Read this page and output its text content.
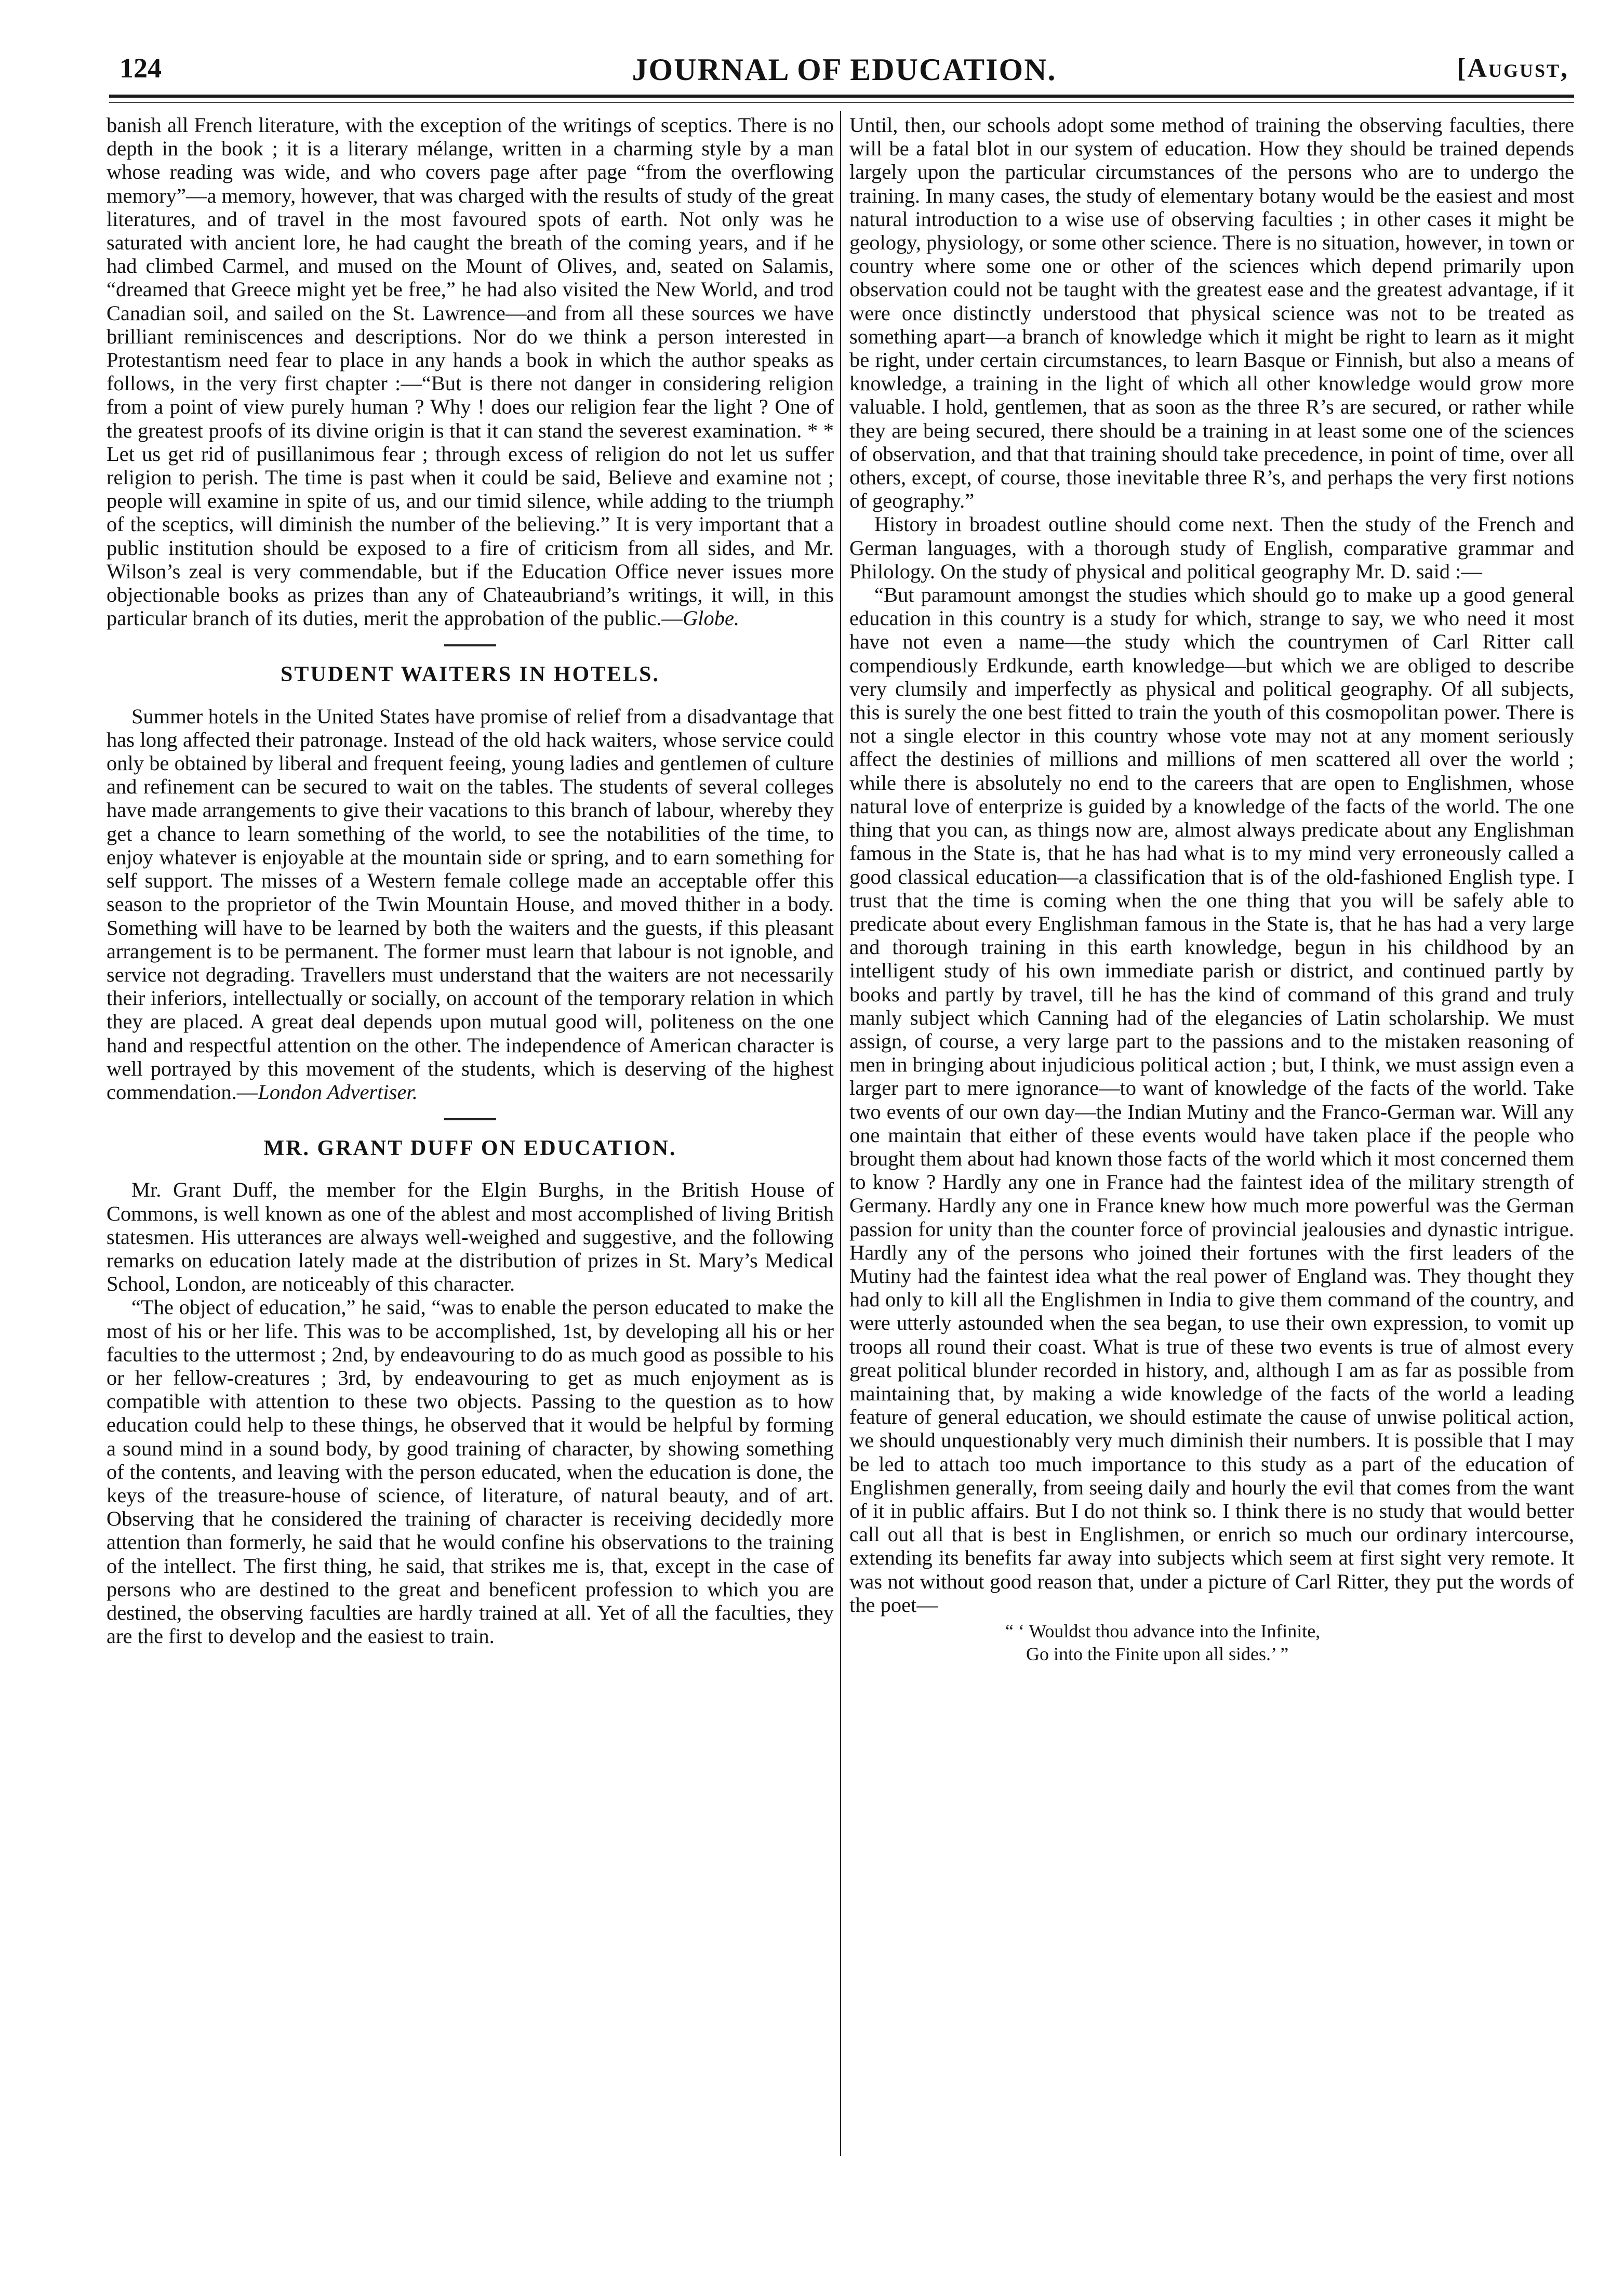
124	JOURNAL OF EDUCATION.	[August,

banish all French literature, with the exception of the writings of sceptics. There is no depth in the book ; it is a literary mélange, written in a charming style by a man whose reading was wide, and who covers page after page “from the overflowing memory”—a memory, however, that was charged with the results of study of the great literatures, and of travel in the most favoured spots of earth. Not only was he saturated with ancient lore, he had caught the breath of the coming years, and if he had climbed Carmel, and mused on the Mount of Olives, and, seated on Salamis, “dreamed that Greece might yet be free,” he had also visited the New World, and trod Canadian soil, and sailed on the St. Lawrence—and from all these sources we have brilliant reminiscences and descriptions. Nor do we think a person interested in Protestantism need fear to place in any hands a book in which the author speaks as follows, in the very first chapter :—“But is there not danger in considering religion from a point of view purely human ? Why ! does our religion fear the light ? One of the greatest proofs of its divine origin is that it can stand the severest examination. * * Let us get rid of pusillanimous fear ; through excess of religion do not let us suffer religion to perish. The time is past when it could be said, Believe and examine not ; people will examine in spite of us, and our timid silence, while adding to the triumph of the sceptics, will diminish the number of the believing.” It is very important that a public institution should be exposed to a fire of criticism from all sides, and Mr. Wilson’s zeal is very commendable, but if the Education Office never issues more objectionable books as prizes than any of Chateaubriand’s writings, it will, in this particular branch of its duties, merit the approbation of the public.—Globe.

STUDENT WAITERS IN HOTELS.

Summer hotels in the United States have promise of relief from a disadvantage that has long affected their patronage. Instead of the old hack waiters, whose service could only be obtained by liberal and frequent feeing, young ladies and gentlemen of culture and refinement can be secured to wait on the tables. The students of several colleges have made arrangements to give their vacations to this branch of labour, whereby they get a chance to learn something of the world, to see the notabilities of the time, to enjoy whatever is enjoyable at the mountain side or spring, and to earn something for self support. The misses of a Western female college made an acceptable offer this season to the proprietor of the Twin Mountain House, and moved thither in a body. Something will have to be learned by both the waiters and the guests, if this pleasant arrangement is to be permanent. The former must learn that labour is not ignoble, and service not degrading. Travellers must understand that the waiters are not necessarily their inferiors, intellectually or socially, on account of the temporary relation in which they are placed. A great deal depends upon mutual good will, politeness on the one hand and respectful attention on the other. The independence of American character is well portrayed by this movement of the students, which is deserving of the highest commendation.—London Advertiser.

MR. GRANT DUFF ON EDUCATION.

Mr. Grant Duff, the member for the Elgin Burghs, in the British House of Commons, is well known as one of the ablest and most accomplished of living British statesmen. His utterances are always well-weighed and suggestive, and the following remarks on education lately made at the distribution of prizes in St. Mary’s Medical School, London, are noticeably of this character.

“The object of education,” he said, “was to enable the person educated to make the most of his or her life. This was to be accomplished, 1st, by developing all his or her faculties to the uttermost ; 2nd, by endeavouring to do as much good as possible to his or her fellow-creatures ; 3rd, by endeavouring to get as much enjoyment as is compatible with attention to these two objects. Passing to the question as to how education could help to these things, he observed that it would be helpful by forming a sound mind in a sound body, by good training of character, by showing something of the contents, and leaving with the person educated, when the education is done, the keys of the treasure-house of science, of literature, of natural beauty, and of art. Observing that he considered the training of character is receiving decidedly more attention than formerly, he said that he would confine his observations to the training of the intellect. The first thing, he said, that strikes me is, that, except in the case of persons who are destined to the great and beneficent profession to which you are destined, the observing faculties are hardly trained at all. Yet of all the faculties, they are the first to develop and the easiest to train.

Until, then, our schools adopt some method of training the observing faculties, there will be a fatal blot in our system of education. How they should be trained depends largely upon the particular circumstances of the persons who are to undergo the training. In many cases, the study of elementary botany would be the easiest and most natural introduction to a wise use of observing faculties ; in other cases it might be geology, physiology, or some other science. There is no situation, however, in town or country where some one or other of the sciences which depend primarily upon observation could not be taught with the greatest ease and the greatest advantage, if it were once distinctly understood that physical science was not to be treated as something apart—a branch of knowledge which it might be right to learn as it might be right, under certain circumstances, to learn Basque or Finnish, but also a means of knowledge, a training in the light of which all other knowledge would grow more valuable. I hold, gentlemen, that as soon as the three R’s are secured, or rather while they are being secured, there should be a training in at least some one of the sciences of observation, and that that training should take precedence, in point of time, over all others, except, of course, those inevitable three R’s, and perhaps the very first notions of geography.”

History in broadest outline should come next. Then the study of the French and German languages, with a thorough study of English, comparative grammar and Philology. On the study of physical and political geography Mr. D. said :—

“But paramount amongst the studies which should go to make up a good general education in this country is a study for which, strange to say, we who need it most have not even a name—the study which the countrymen of Carl Ritter call compendiously Erdkunde, earth knowledge—but which we are obliged to describe very clumsily and imperfectly as physical and political geography. Of all subjects, this is surely the one best fitted to train the youth of this cosmopolitan power. There is not a single elector in this country whose vote may not at any moment seriously affect the destinies of millions and millions of men scattered all over the world ; while there is absolutely no end to the careers that are open to Englishmen, whose natural love of enterprize is guided by a knowledge of the facts of the world. The one thing that you can, as things now are, almost always predicate about any Englishman famous in the State is, that he has had what is to my mind very erroneously called a good classical education—a classification that is of the old-fashioned English type. I trust that the time is coming when the one thing that you will be safely able to predicate about every Englishman famous in the State is, that he has had a very large and thorough training in this earth knowledge, begun in his childhood by an intelligent study of his own immediate parish or district, and continued partly by books and partly by travel, till he has the kind of command of this grand and truly manly subject which Canning had of the elegancies of Latin scholarship. We must assign, of course, a very large part to the passions and to the mistaken reasoning of men in bringing about injudicious political action ; but, I think, we must assign even a larger part to mere ignorance—to want of knowledge of the facts of the world. Take two events of our own day—the Indian Mutiny and the Franco-German war. Will any one maintain that either of these events would have taken place if the people who brought them about had known those facts of the world which it most concerned them to know ? Hardly any one in France had the faintest idea of the military strength of Germany. Hardly any one in France knew how much more powerful was the German passion for unity than the counter force of provincial jealousies and dynastic intrigue. Hardly any of the persons who joined their fortunes with the first leaders of the Mutiny had the faintest idea what the real power of England was. They thought they had only to kill all the Englishmen in India to give them command of the country, and were utterly astounded when the sea began, to use their own expression, to vomit up troops all round their coast. What is true of these two events is true of almost every great political blunder recorded in history, and, although I am as far as possible from maintaining that, by making a wide knowledge of the facts of the world a leading feature of general education, we should estimate the cause of unwise political action, we should unquestionably very much diminish their numbers. It is possible that I may be led to attach too much importance to this study as a part of the education of Englishmen generally, from seeing daily and hourly the evil that comes from the want of it in public affairs. But I do not think so. I think there is no study that would better call out all that is best in Englishmen, or enrich so much our ordinary intercourse, extending its benefits far away into subjects which seem at first sight very remote. It was not without good reason that, under a picture of Carl Ritter, they put the words of the poet—

“ ‘ Wouldst thou advance into the Infinite,
Go into the Finite upon all sides.’ ”
